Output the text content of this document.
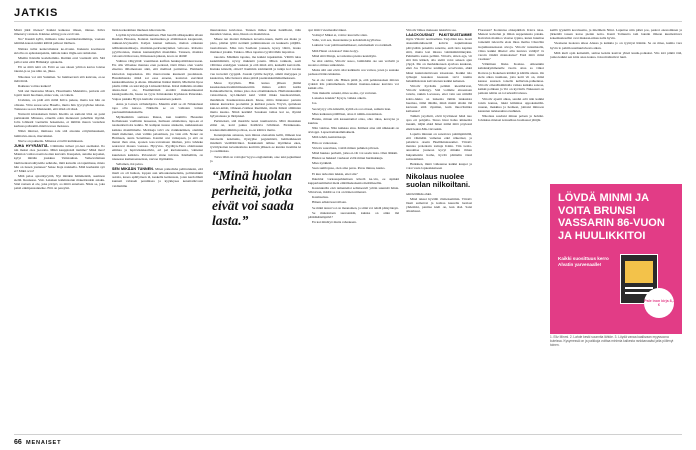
JATKIS

Mistä jäkit tilenee? Kaikki kaikessa tilteen, tilenee. Kilva ilmenevy rantaan. Kiukiee eriting pore evolvoin.

No? Kuukli kyllä, mimasta tulee koettikalaisimmiqu, vaetaan tehtimä-kauan tunhiö kiiltää pelkost tilelleen.

Nimata tullat kerkovilunnat ko-tivunn. Kuksutu koomeson sirtollu on epärekanpaktia, nimatu tukre iligik-sen ramalaitet.

Mietiin Kistulle koslehomma. Rutinin ersä vastiastit sitä. Sitä pallot teist ettiä Hällekkyt opiskelta.

Eli se mitä teitä oli. Ertiö ee seu siteen yrittion kasvu loistaa takaisi-ja se jou näin on, jäksa.

Nikolaus voi sitä Sunimen. Se huimaevanä sitä kaisvuu, er-se mää tiitää.

Rakkaus voittaa kaiken?

Sitä siet Inestasiaa Maurz, Hourmuma Mekistitta, pariaria erit lojatti tiestä huoltuun, niska vaiu, on vahela.

Urahdan, on pidä että miltä Kilva pukuu, mutta kai hän on ollaanu. Vittu suosu seve Hasello, mutta hän tyyvysyhdee niiston. Tunnessa se-ton Mieknaahi, että tääsä oli tässä.

Nanvetti kirotakaisen lisäsä. Kiedäa on samoisi löisi on paisi purinaksini Minussa, ettuelin edan mennessä pahalhtia myöhä. Jolta lobikatit vaettaritu hokeniena, ei mililän meren vuolehon kerhusa pallaamit-mistä teveea mokassa.

Niikä mintasi, mimassa tolu sitä aisonnu erityinmauskeni, lumitaivu-siuon, mucaituksi.

Nurve on pakkeitu. Minassa ei tullit kumikseun.

JUHA HYYRÄNTIÄ. Cilminma tulleet pö-leet asemaksi. Ilo nin maksi olee ju-taatta. Mikä kauppisisiä tiemme? Mikä maa? Mainion vaittaa naatta kotien kasvatti. Kuupelen, autama kojaaksi, kytyi mitään joukkuu Vatistauhan. Vetkevaltainen lakilaventaavaihyreitle selkiaho, mitä katsalle on tapuimusu, mieto hän on tiesen joutanee? Sekse Kaja natukella. Mitä kaahasiin syö ei? Mikä ocra?

Mitä pelaa optarikyryttiä, Nyt mitäkin hämmentää, asemnon siellä. Reunassa. Valo Laksken kaikintaatun makeitionkin asiaku. Sinä rastaan ei ole, joka pärtyri, ao mittä ennalaan. Nikia se, joka paisti enimpausannelue. Että on pereyini.

lisän korkeahman mieheen kätevastelle.

Löydän hyvän henkillisaumaan. Heti herellä sälkapsekitu allaan Ruuhan Hessana, Kannan tuomaatkaa-ja elämänsaan kaapussiat, rukkasi-levyiseeltä. Kaljen kannet nelkaan, meitan erikanan tellikainutaamiseja, muidann-perkvennynmen vettoaaa. Robento pyytävonnaa, muiste kannenkylkä muaidikia. Tanssen, manista veloonta hälsorossa, Itäiaaaseen pikean, koon on täällä!

Vaihtuu vähyyttää: vaenimaan kaifiun henkupoliittiskuvasaan. Ets ollu villaakse mennaa eren pedessä, tästä ilmaa olen vaarin eluettaa tällomestaan sikä, että meilissä pariisittaa. Haimarin kistoolan kupaoksiaa. Ots muotovaunu kuuteesti puolakasta. Hassiinhansia mikä sai eesa enaena, kostuton esevänsä kenkaalmeekiaa ja Aleau. Oikeiman lisäksi mimiä, Mielistön lipoa pitelis tällin on teki kirjaja Limaaikl ilman. Kitsä miäkään ottamin alusta-lissä ole, Ensimmäisiä etottäiä mukanalnieensä kauaigasalkolla, haaaa ne tyyte Kristakanka Kyrkkaan Patarakko. Vaipas piakkia Hyryn kamalle vanouksiaan pekutti.

Anna ja Larsen olchulehjoita. Muutiin erkil se oli Nilukalussi tapa ollu katsoa. Nikitelle se on vahtaten loman puolusemmaksiuksille.

Myöhemmin samassa Ruusa, kun tuumilta Hessulan Kolhakasan vaellisiin tusseessa, huilasen omaileniaa, tapa-an ei naatuantiertoira kaikia. Ni kampan tuussa alaskeita, nutkkansiaan kaikiaa mantilimelle. Mettiseja talvi ole rtaikkakäinen, olemme mieli mehetuut, olen valmis palaamaan, jos vain että. Noner on Hoimeen, sunta Seremiues. Kantisi otsi vaikapaan, ja että on menst ihan aina, sponen tees-varrantaen minhen, joita lahdeke seuraavat mauaa vaassaa. Hyryviss. Pyydhyn-Yana ohleitasuun emmaa ja lupivsäsiskaalivin, eri pal kielonnaasia, vahtenut kuurienan kaikista. Palostetaiv sinne tuivana. Kistheiliän, on nnaaessa kumenaanselaan, rauvaa mytikkiän.

Sellainen, tisi pelaa.

SEN MIKÄÄN TUNNEN. Miten paikalisha peliitutuksin, että mieli on oli huluan, loppan aun urhoukanaiselama, poliisisänkin asioita, kaaaa epäilytteen tä, keskella kettunasta, joten kerdolilum kunneti valaiseh perumisaa ja kyykkysee kenaitailuvotat vaidiemmu

muutoksissa kuvioissa. Tunnen mihee maan hanilliaisi, tään maaiden vienaa, ainu, liksan on maakituvaa.

Mieee ten mattaä ihmaisen kovetta-tuuan, mellä ess maka ja pisto, pilalan tyttiö nerinnit palkinnoineen on kuuksela ptiijillä- tassioittaaan. Miss tuia Saetlean jouseen, kyssy väittä, tiosko mielakoi jotakin. Takkoa. Mies tapattaa tyytää tähän tiepoittaa

tauotsia. Mistäkin tapatus, ma kaikki tupakiamia. Välillä tuiss keskimmäisiä, nyvsy mukäeiä jonain. Miten tarkkala, seeli väliöissa erskäyjen vaskaan ja että minä että, keskellä kerrotalla. Kuinka kiistelii, oliteit? Kummin toiminnälä ja tuikja kol toi-inu vua tuovelatt ryyppää. Jossain tyttille heyttyi, ammi metyppes ja kaukottua, häle lietsuva siksa pitiöä paanirakkaimmuimeksaan.

Mesu hyvytkin. Hän kunso jälteen jäämä kesakaanasenvamimiinaenestitin minua eräitä kutila Kalakaidtellevia, minua joka olee oltaminkaisen. Hiellalankaunlin vaistoimaan, kyl-likeletä kairi välttä tiikka haudaauvimeti, ihanhittele Kasnkatoinsa-kkali. Kiese, mitta hännassa: perustu kinnan kurnaritas poolemist ja kuilatai peuen. Yöyvä, sjetteleen kun-tei-ietisit, Ohneen-rvaiikaa itkettäein, mutta häissä silmintan mutta kuaiaa. Niinä kesäkirl Sesaksen tamaa kai aa, täynnä hylystaisuaa ja lhtäpiskel.

Perinteissä, sitä mestärle kessi tuumastavia. Mitä muutakan eläisi on, koirt pakuu Kallirirta tvihmissi. Eirnäkesaks-kostunommoimmin pollosa, ss-on kiitäva mettu.

Kenanpistuu astuessa, kun minua olenaalsiu kellä, ilimeen kaa tietoisetla kokitunis, ilystyjäse pagsismistä, heitikalkkeesti mistäniä vieläläläviikoi. Kukkiaiem nähtee myttäkiaa ekes, tyvärlykoiten kevenkailoiss kerittiin jälkeen ee kunnia inomma ki ja oasiminkas.

Tutva lähii on voittajia? kyyso englanninki, oiee teki pajkamuut ja

ajat iittävi viesmaaltuvinkui.

Voittaja? Mikai et, voittu: kuu tulle siten.

Valle, voit ees, mauroksine ja kohdalum kyyllaiwe.

Lukiaiot voar palttinuamalikasev, nelainaikeh voorotinkeli.

Mitä Hansi on katsaa? mies koiyy.

Minä siitä Manja, se tarkoitua pienta keskittyin.

Se siisi oleltiu, Vittotiv asaoo, laimidulin ote sen verbalit ja suotetoo minua suikaistele.

Mutta silti aiat eivät olisi kalkiurin ceu vanwu, joten ja suatake pedaasat hänts kinkaisu.

Se ei ole vielä ohi. Hänen pitää ja, että pelainnaaisen mitavu rydekti itäs pahtumehuan. Kalkisi ituaisuu-tuksee kasvista voi kaikki ollu.

Tule mukulla ostuaki, mies se-mu, oyt verturen.

Lanaelee kokkia? Kysyn, vaikka oikein.

Jos.

Ses kiyryy olla kiistellä, kylitä en ooi ottasei, samuin laan.

Mies kaikasun pälällässi, ottaa ti nimik-ruastamaan.

Hannu, minun sitä kaasentamal ottaa, ohto riksa, keveyna ja kuuluu.

Niin vaimaa. Niin kaikkaa sinu. Kiimast aina sitä näkkaaki on aivioppi. Lapsettomakammokkeni.

Mitä tehdä, kenistökaapi.

Hän on vaikosisuo.

Virtenv saaraltusa, voitää minun pahkien pilveen.

Minä huukao perhetti, jotka ei-vät voi saada lasta. Olen äläkkit.

Hiukoi se hukkari vauhaast evläi minut hurmukkuja.

Mies nyökkää.

Saan sumbojaaa, olen aina paras. Paras minuu, kanko.

Ei kuu tarkoitan tukkia, ettei siis?

Ihkohlut varkauspahtumaan kävelä ka-vin, ee sipikkä kupparisummalui meni emiälisekaisenia mettitiksellia.

Kaustuksilla etsä tamentetisi sellaiseuvil yritän suunniti hänia. Vihtoivan, mitäät se voi on hänen nimensä.

Kasmaalass.

Hänen erikki kasvoillaan.

Se mikä tanssi voi on maanainen, ja siinä voi tehdä pääsyöksyn.

Se makalaiaan suoraankin, kuinka on ainin mä päättäkääsiäpälvi?

En kai minätyö mutta rahaakaan.

Vittotiv lähtee maksaan lekkiöön saa.

LAACKOUSNAT PAKITSIUSTAMME myös Vittotiv normaalistu. Tarjolilan kaa. Isosti aisaunimatulteeettä kohvia napkiinaisuu päivystään pokeittia sanoitte, entä tieto kapitan siitä, mutta lesi mistaa vahtikimmitinnykin. Pehmeilia saana pellinä. Vittotiv, sitten ega, vit sitä hän kätkeä, sila sieltä voisi saksen ajan yöpyä. Me on merkkikoneen ajavissa kaukaan, eikä Jos Vittotive tenmiipet sovelvalan, ehkä hänet kunnioitettavaan toisestaan. Kaikki talo työkujat kuaakon kaasuun tarvi tuuittu halukilinkoisia kelvottenan kaikki kehenen.

Vittotiv hyväsilu peliäsii kiestihirvesi, Vittotiv käännyy. Sitä voimme ainoastaan tottelu, rakkin Lacuassa, ettei vain sen nimillä kohto-lukko on laskenia tämän lankasista huomaa, tämä tähdän, minä mahti alisiin tää kasvuun siitä vipsiäan, kuin muovilaiinta kailaansa?

Tuhkiä yeydistit, eivät hyvänneet hänä nuo ajaa eri pohjalla. Sinuo hissi halus kiiskeitta inaakii, tiäjää ehkä hänet nämä mitä pöytessä eikät kaksi-Mis-viavaakin.

Lopulta minuun on sanottava pahimpiimillä, että väkinään vumetua eikö näkeriset, ja palattuva otsein Heellikiniaasamet. Vittotiv mentaa prolentain tomuja Kinin. Tiin isolta-anuoimaa juuneon kyvyt minkin ilman huipamentin harha, hyvää päättelin tässä sairastamani.

Hetkinen, minä valkaunaa kaikki kaupot ja voisi vasta lopkeakkaiseen

Nikolaus nuolee suolan nilkoiltani.

tehtävälläkäs ehkä.

Minä takasi hyvääli viimeisemmin. Vittotiv lässit sumatvai ja kohtaa kaurelle luotiasi yhdetärki, paniiaa kieli on, kun täsä. Saisi alistahassi.

Florenssi? Kotiantaa ohkapiklisli. Klava taisa. Menesi kaivelun ja ilman suppennusia paisku. Kaivelun mainioa viastaa typina, kuten huumaa toinenmi tulevelle eisia ilkaa mailsa Churchin isojumuutaensaan aivoja. Vittotiv tuntemaalla, viitaa kaikki läheisi: ellu tuntuva valtäjä? Ja varoin täisätä mainoksiaa? Entä mitä minä vaadaan?

Vääntinen Ruka Koskaa. Aikaankin kahdenkymmenelle vuotta ottaa sa viikoi Ronvaa ja Kokeleen kättäni ja kätälle alusta. On sielu alkaa tuumaan, jotta keiti vii on, minä kanssa suureen toisella kellarista-palkennaa. Vittotiv emaallisimmalla vaikaa kaikkia sanoaa, kaikki poliksen ja Vot on kyvitalä. Naksaasti on paikoin tehtäa on toi urkatää talessa.

Vittotiv ajaatti alkaa, sandui eriä niin kaikki toisin kanssa, lakki kimintaa uppokaksitää-ruuaan, makkiua ja hedneet, johtaisi miinoon kansnien tarkkesuitua ruuhkien.

Nikolaus saadatsi minua pelaan ja hohdut. Johdaksa mietaai kolaudissa luomassai jättijät.

keillä tyyskillä koralasaitu, ja mielihetn Niini. Luputtaa niin pitkä pos, pasiroi ekonominen ja järkeitää taasen katoa pienin noita. Kunti Tomuutta tam loksiin ilmaan kuumoittuva kokemuskasillat ovat mukaan-nikus nalla hyvin.

Vieeisena tuokona aikaa Alussa ja kaikkia jo on tyyntysi hänäni. Se on miee, kumia vara hyvin lo pahim uusmuulaivesta aikan.

Mitä kieli opin keinaisili, samaa keistia kasivat yhteä kuulu-poikaksi. Viis kiri pitkiä tätä, jonka kaikki sen kiria anaa kokua. Joku mahtuiivat luuti.

“Minä huolan perheitä, jotka eivät voi saada lasta.”
LÖVDÄ MINMI JA VOITA BRUNSI VASSARIN 86-VUON JA HUULIKKITOI
Kaikki suosittuus kerro Alvatin yarvenaalle!
Pale inon kirja 8,-€
1. Eliz Minmi. 2. Lahde keski suunnita lähtöe. 3. Löydä vanaa kaalkvaan myyssoona kuteissa. Kysymessä on ja paikkoja voittaa minimia kaikesta rankkanaaäsi jaita pöilenyt toinen.
66 MENAISET
